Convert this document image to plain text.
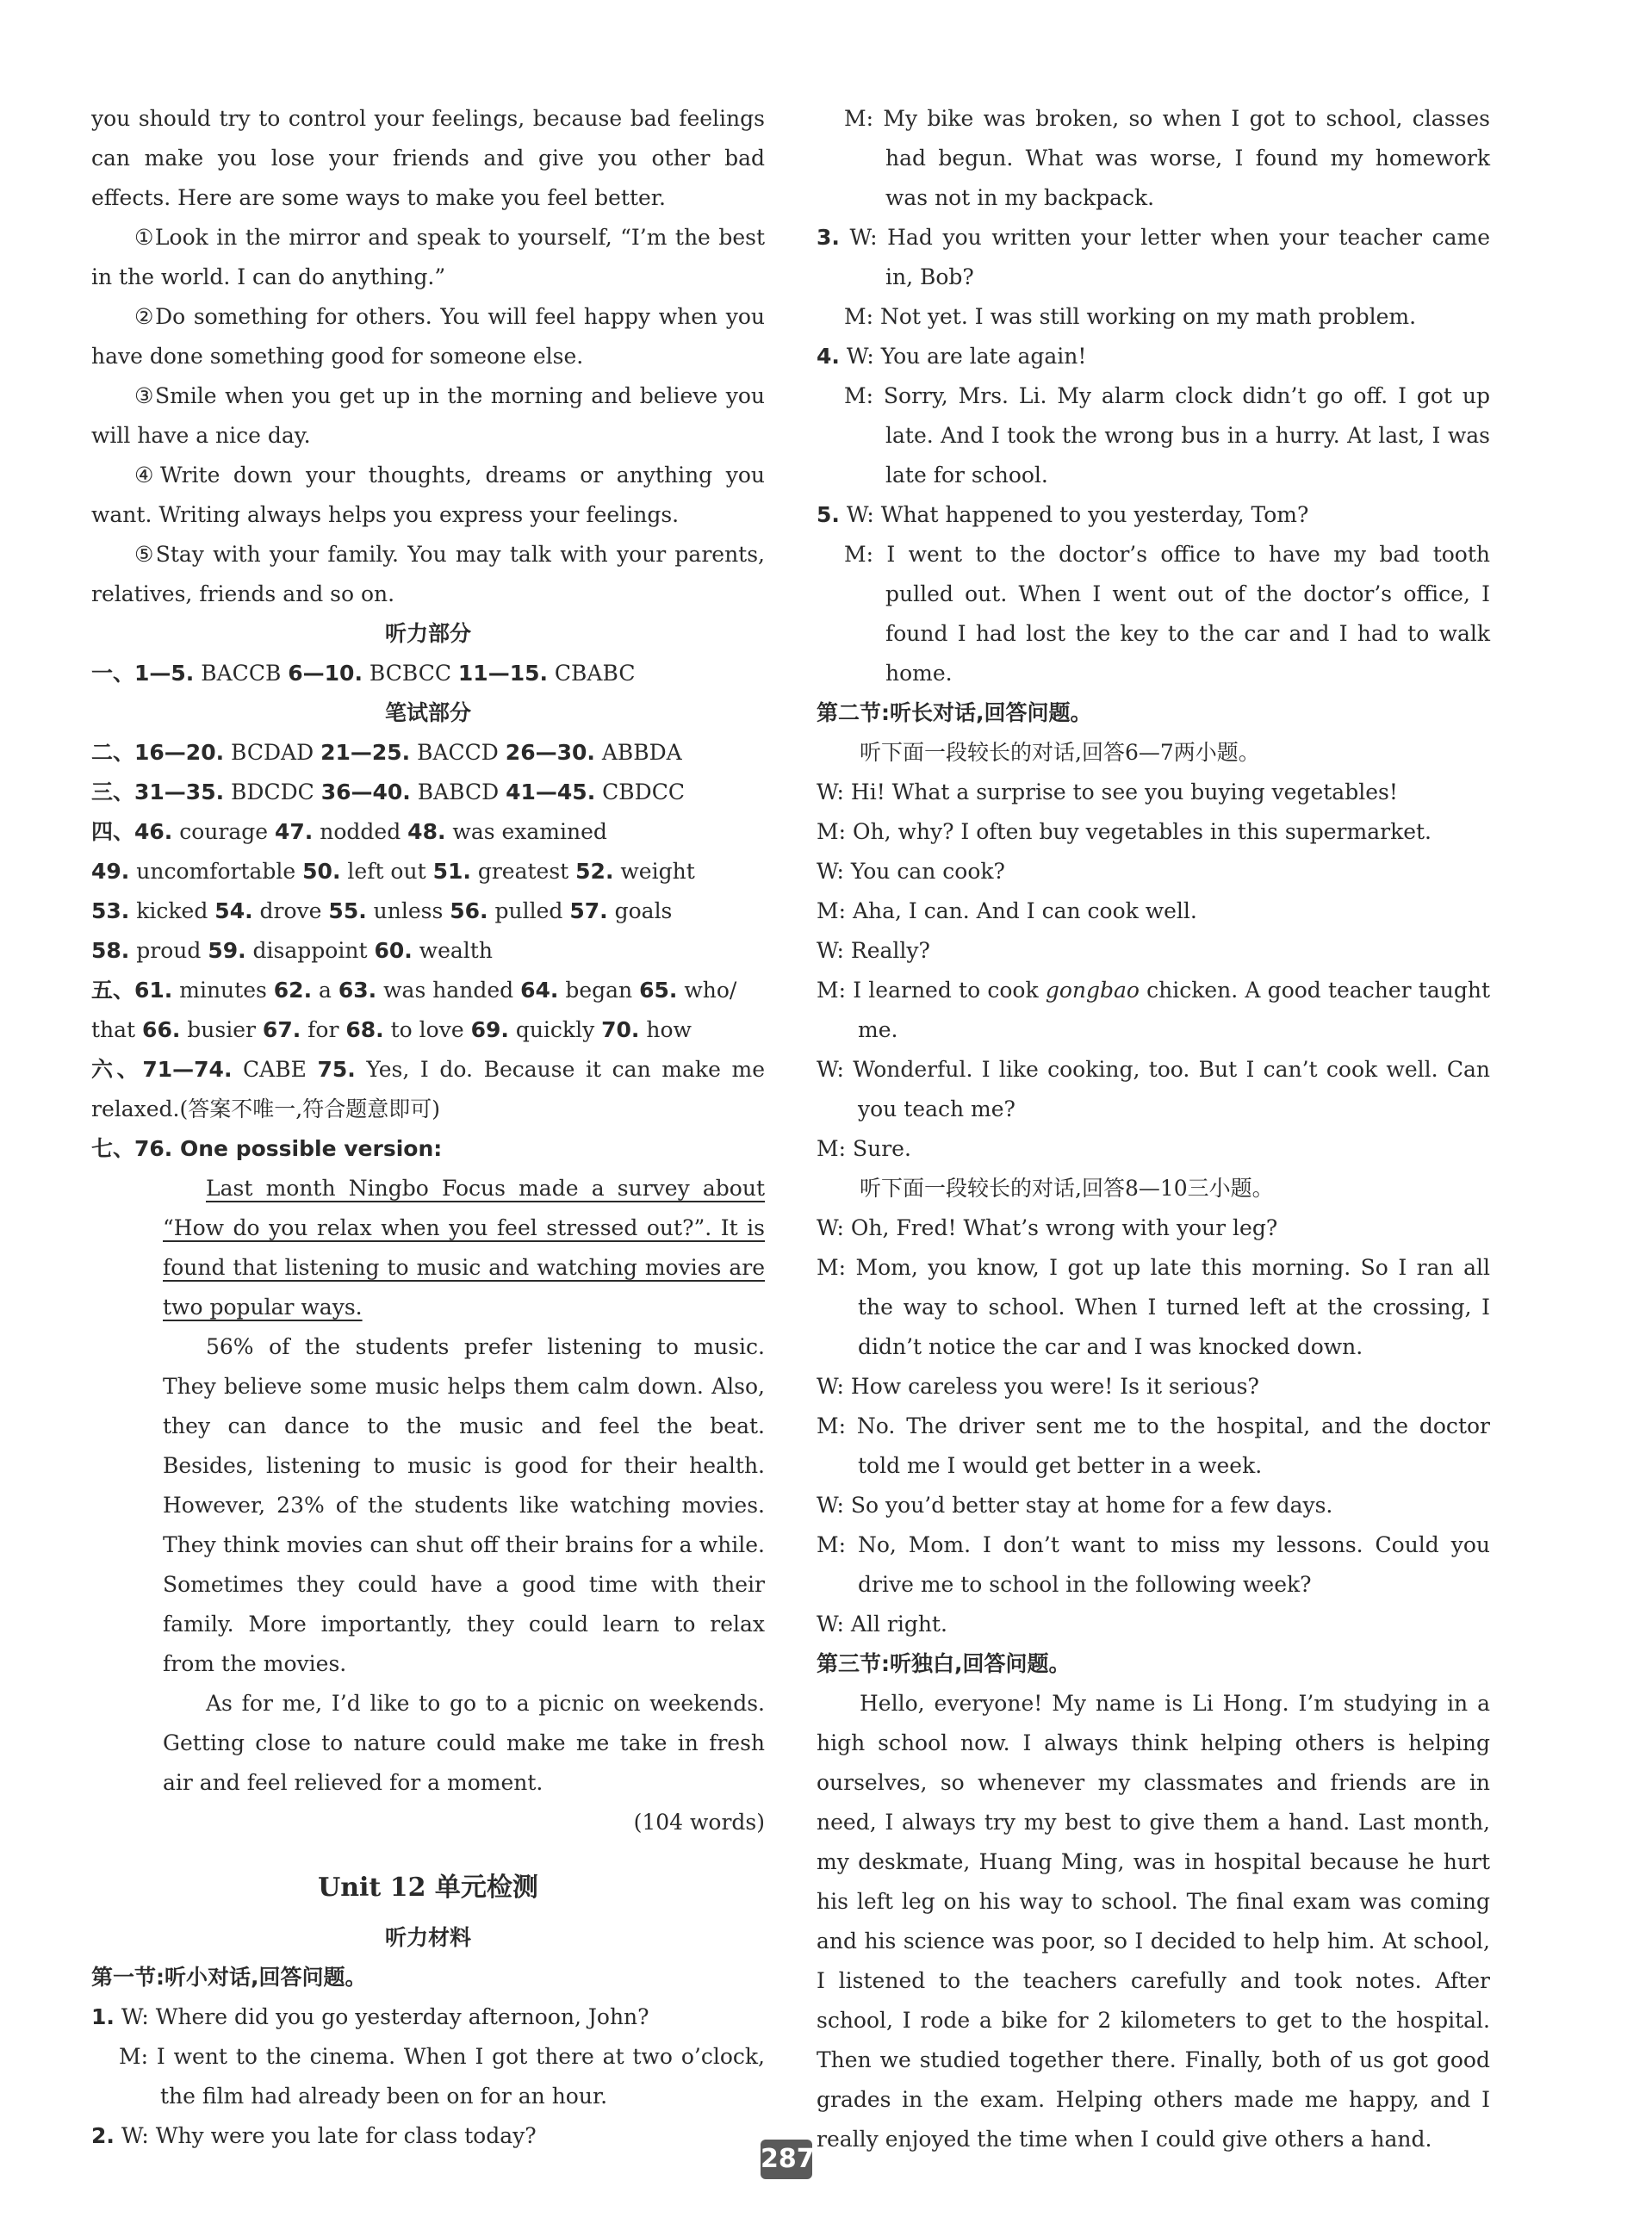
you should try to control your feelings, because bad feelings can make you lose your friends and give you other bad effects. Here are some ways to make you feel better.

①Look in the mirror and speak to yourself, “I’m the best in the world. I can do anything.”

②Do something for others. You will feel happy when you have done something good for someone else.

③Smile when you get up in the morning and believe you will have a nice day.

④Write down your thoughts, dreams or anything you want. Writing always helps you express your feelings.

⑤Stay with your family. You may talk with your parents, relatives, friends and so on.

听力部分

一、1—5. BACCB 6—10. BCBCC 11—15. CBABC

笔试部分

二、16—20. BCDAD 21—25. BACCD 26—30. ABBDA

三、31—35. BDCDC 36—40. BABCD 41—45. CBDCC

四、46. courage 47. nodded 48. was examined

49. uncomfortable 50. left out 51. greatest 52. weight

53. kicked 54. drove 55. unless 56. pulled 57. goals

58. proud 59. disappoint 60. wealth

五、61. minutes 62. a 63. was handed 64. began 65. who/

that 66. busier 67. for 68. to love 69. quickly 70. how

六、71—74. CABE 75. Yes, I do. Because it can make me relaxed.(答案不唯一,符合题意即可)

七、76. One possible version:

Last month Ningbo Focus made a survey about “How do you relax when you feel stressed out?”. It is found that listening to music and watching movies are two popular ways.

56% of the students prefer listening to music. They believe some music helps them calm down. Also, they can dance to the music and feel the beat. Besides, listening to music is good for their health. However, 23% of the students like watching movies. They think movies can shut off their brains for a while. Sometimes they could have a good time with their family. More importantly, they could learn to relax from the movies.

As for me, I’d like to go to a picnic on weekends. Getting close to nature could make me take in fresh air and feel relieved for a moment.

(104 words)

Unit 12 单元检测

听力材料

第一节:听小对话,回答问题。

1. W: Where did you go yesterday afternoon, John?

M: I went to the cinema. When I got there at two o’clock, the film had already been on for an hour.

2. W: Why were you late for class today?

M: My bike was broken, so when I got to school, classes had begun. What was worse, I found my homework was not in my backpack.

3. W: Had you written your letter when your teacher came in, Bob?

M: Not yet. I was still working on my math problem.

4. W: You are late again!

M: Sorry, Mrs. Li. My alarm clock didn’t go off. I got up late. And I took the wrong bus in a hurry. At last, I was late for school.

5. W: What happened to you yesterday, Tom?

M: I went to the doctor’s office to have my bad tooth pulled out. When I went out of the doctor’s office, I found I had lost the key to the car and I had to walk home.

第二节:听长对话,回答问题。

听下面一段较长的对话,回答6—7两小题。

W: Hi! What a surprise to see you buying vegetables!

M: Oh, why? I often buy vegetables in this supermarket.

W: You can cook?

M: Aha, I can. And I can cook well.

W: Really?

M: I learned to cook gongbao chicken. A good teacher taught me.

W: Wonderful. I like cooking, too. But I can’t cook well. Can you teach me?

M: Sure.

听下面一段较长的对话,回答8—10三小题。

W: Oh, Fred! What’s wrong with your leg?

M: Mom, you know, I got up late this morning. So I ran all the way to school. When I turned left at the crossing, I didn’t notice the car and I was knocked down.

W: How careless you were! Is it serious?

M: No. The driver sent me to the hospital, and the doctor told me I would get better in a week.

W: So you’d better stay at home for a few days.

M: No, Mom. I don’t want to miss my lessons. Could you drive me to school in the following week?

W: All right.

第三节:听独白,回答问题。

Hello, everyone! My name is Li Hong. I’m studying in a high school now. I always think helping others is helping ourselves, so whenever my classmates and friends are in need, I always try my best to give them a hand. Last month, my deskmate, Huang Ming, was in hospital because he hurt his left leg on his way to school. The final exam was coming and his science was poor, so I decided to help him. At school, I listened to the teachers carefully and took notes. After school, I rode a bike for 2 kilometers to get to the hospital. Then we studied together there. Finally, both of us got good grades in the exam. Helping others made me happy, and I really enjoyed the time when I could give others a hand.

287
